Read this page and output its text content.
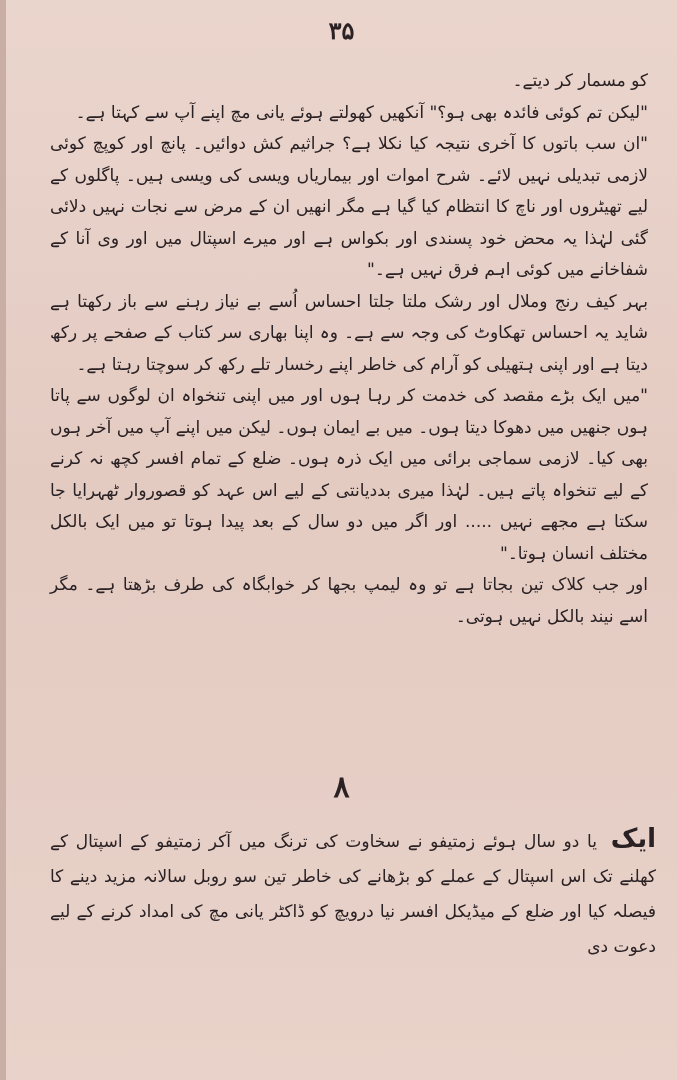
۳۵

کو مسمار کر دیتے۔

"لیکن تم کوئی فائدہ بھی ہو؟" آنکھیں کھولتے ہوئے یانی مچ اپنے آپ سے کہتا ہے۔

"ان سب باتوں کا آخری نتیجہ کیا نکلا ہے؟ جراثیم کش دوائیں۔ پانچ اور کوپچ کوئی لازمی تبدیلی نہیں لائے۔ شرح اموات اور بیماریاں ویسی کی ویسی ہیں۔ پاگلوں کے لیے تھیٹروں اور ناچ کا انتظام کیا گیا ہے مگر انھیں ان کے مرض سے نجات نہیں دلائی گئی لہٰذا یہ محض خود پسندی اور بکواس ہے اور میرے اسپتال میں اور وی آنا کے شفاخانے میں کوئی اہم فرق نہیں ہے۔"

بہر کیف رنج وملال اور رشک ملتا جلتا احساس اُسے بے نیاز رہنے سے باز رکھتا ہے شاید یہ احساس تھکاوٹ کی وجہ سے ہے۔ وہ اپنا بھاری سر کتاب کے صفحے پر رکھ دیتا ہے اور اپنی ہتھیلی کو آرام کی خاطر اپنے رخسار تلے رکھ کر سوچتا رہتا ہے۔

"میں ایک بڑے مقصد کی خدمت کر رہا ہوں اور میں اپنی تنخواہ ان لوگوں سے پاتا ہوں جنھیں میں دھوکا دیتا ہوں۔ میں بے ایمان ہوں۔ لیکن میں اپنے آپ میں آخر ہوں بھی کیا۔ لازمی سماجی برائی میں ایک ذرہ ہوں۔ ضلع کے تمام افسر کچھ نہ کرنے کے لیے تنخواہ پاتے ہیں۔ لہٰذا میری بددیانتی کے لیے اس عہد کو قصوروار ٹھہرایا جا سکتا ہے مجھے نہیں ..... اور اگر میں دو سال کے بعد پیدا ہوتا تو میں ایک بالکل مختلف انسان ہوتا۔"

اور جب کلاک تین بجاتا ہے تو وہ لیمپ بجھا کر خوابگاہ کی طرف بڑھتا ہے۔ مگر اسے نیند بالکل نہیں ہوتی۔

۸

ایک یا دو سال ہوئے زمتیفو نے سخاوت کی ترنگ میں آکر زمتیفو کے اسپتال کے کھلنے تک اس اسپتال کے عملے کو بڑھانے کی خاطر تین سو روبل سالانہ مزید دینے کا فیصلہ کیا اور ضلع کے میڈیکل افسر نیا درویچ کو ڈاکٹر یانی مچ کی امداد کرنے کے لیے دعوت دی
